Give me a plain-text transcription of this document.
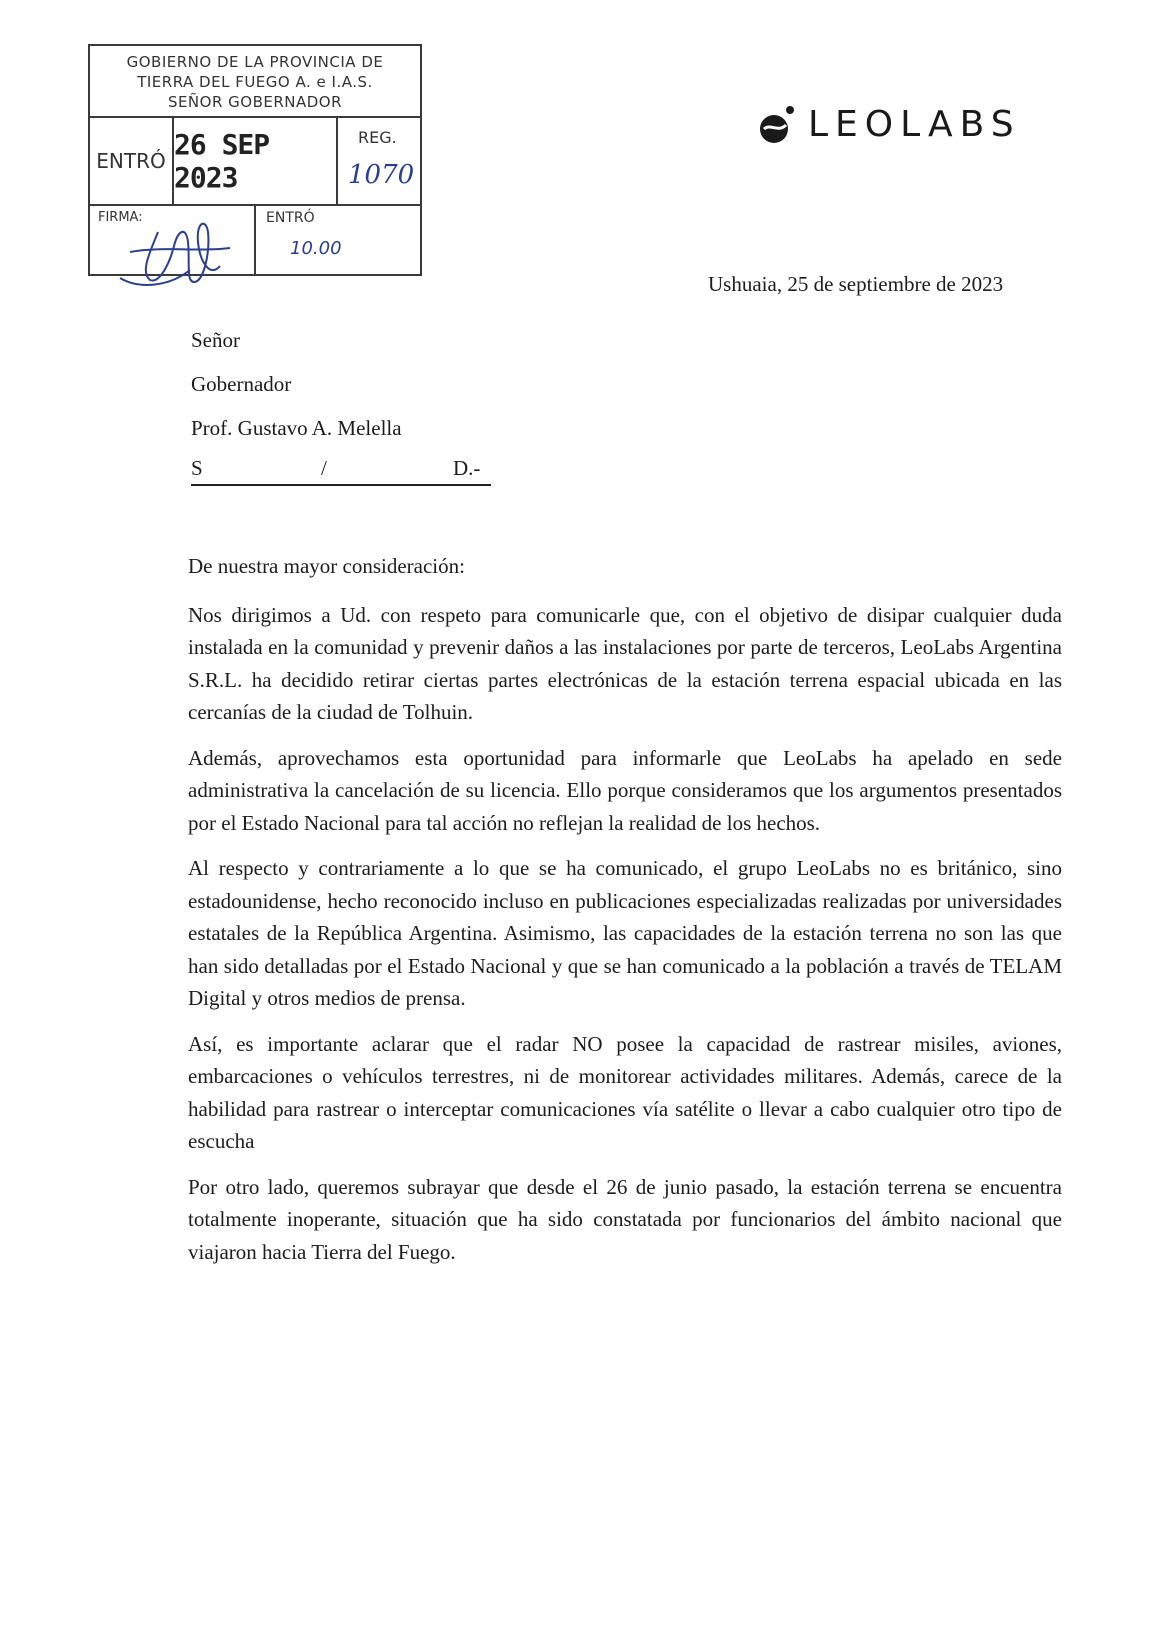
GOBIERNO DE LA PROVINCIA DE
TIERRA DEL FUEGO A. e I.A.S.
SEÑOR GOBERNADOR
ENTRÓ 26 SEP 2023
REG.
1070
FIRMA:	ENTRÓ
10.00
LEOLABS
Ushuaia, 25 de septiembre de 2023
Señor
Gobernador
Prof. Gustavo A. Melella
S	/	D.-

De nuestra mayor consideración:

Nos dirigimos a Ud. con respeto para comunicarle que, con el objetivo de disipar cualquier duda instalada en la comunidad y prevenir daños a las instalaciones por parte de terceros, LeoLabs Argentina S.R.L. ha decidido retirar ciertas partes electrónicas de la estación terrena espacial ubicada en las cercanías de la ciudad de Tolhuin.

Además, aprovechamos esta oportunidad para informarle que LeoLabs ha apelado en sede administrativa la cancelación de su licencia. Ello porque consideramos que los argumentos presentados por el Estado Nacional para tal acción no reflejan la realidad de los hechos.

Al respecto y contrariamente a lo que se ha comunicado, el grupo LeoLabs no es británico, sino estadounidense, hecho reconocido incluso en publicaciones especializadas realizadas por universidades estatales de la República Argentina. Asimismo, las capacidades de la estación terrena no son las que han sido detalladas por el Estado Nacional y que se han comunicado a la población a través de TELAM Digital y otros medios de prensa.

Así, es importante aclarar que el radar NO posee la capacidad de rastrear misiles, aviones, embarcaciones o vehículos terrestres, ni de monitorear actividades militares. Además, carece de la habilidad para rastrear o interceptar comunicaciones vía satélite o llevar a cabo cualquier otro tipo de escucha

Por otro lado, queremos subrayar que desde el 26 de junio pasado, la estación terrena se encuentra totalmente inoperante, situación que ha sido constatada por funcionarios del ámbito nacional que viajaron hacia Tierra del Fuego.
